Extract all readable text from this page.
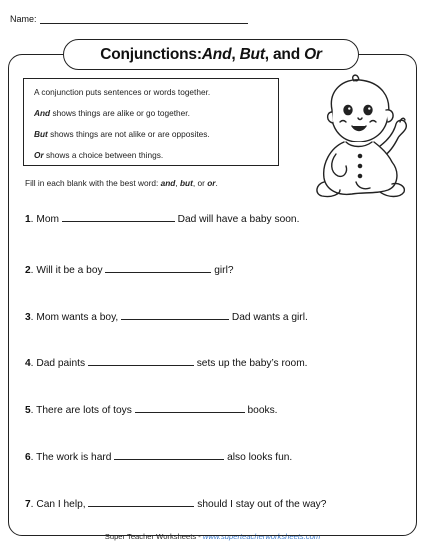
Name:
Conjunctions: And , But , and Or

A conjunction puts sentences or words together.

And shows things are alike or go together.

But shows things are not alike or are opposites.

Or shows a choice between things.

Fill in each blank with the best word: and, but, or or.
1. Mom	Dad will have a baby soon.
2. Will it be a boy	girl?
3. Mom wants a boy,	Dad wants a girl.
4. Dad paints	sets up the baby’s room.
5. There are lots of toys	books.
6. The work is hard	also looks fun.
7. Can I help,	should I stay out of the way?
Super Teacher Worksheets - www.superteacherworksheets.com
